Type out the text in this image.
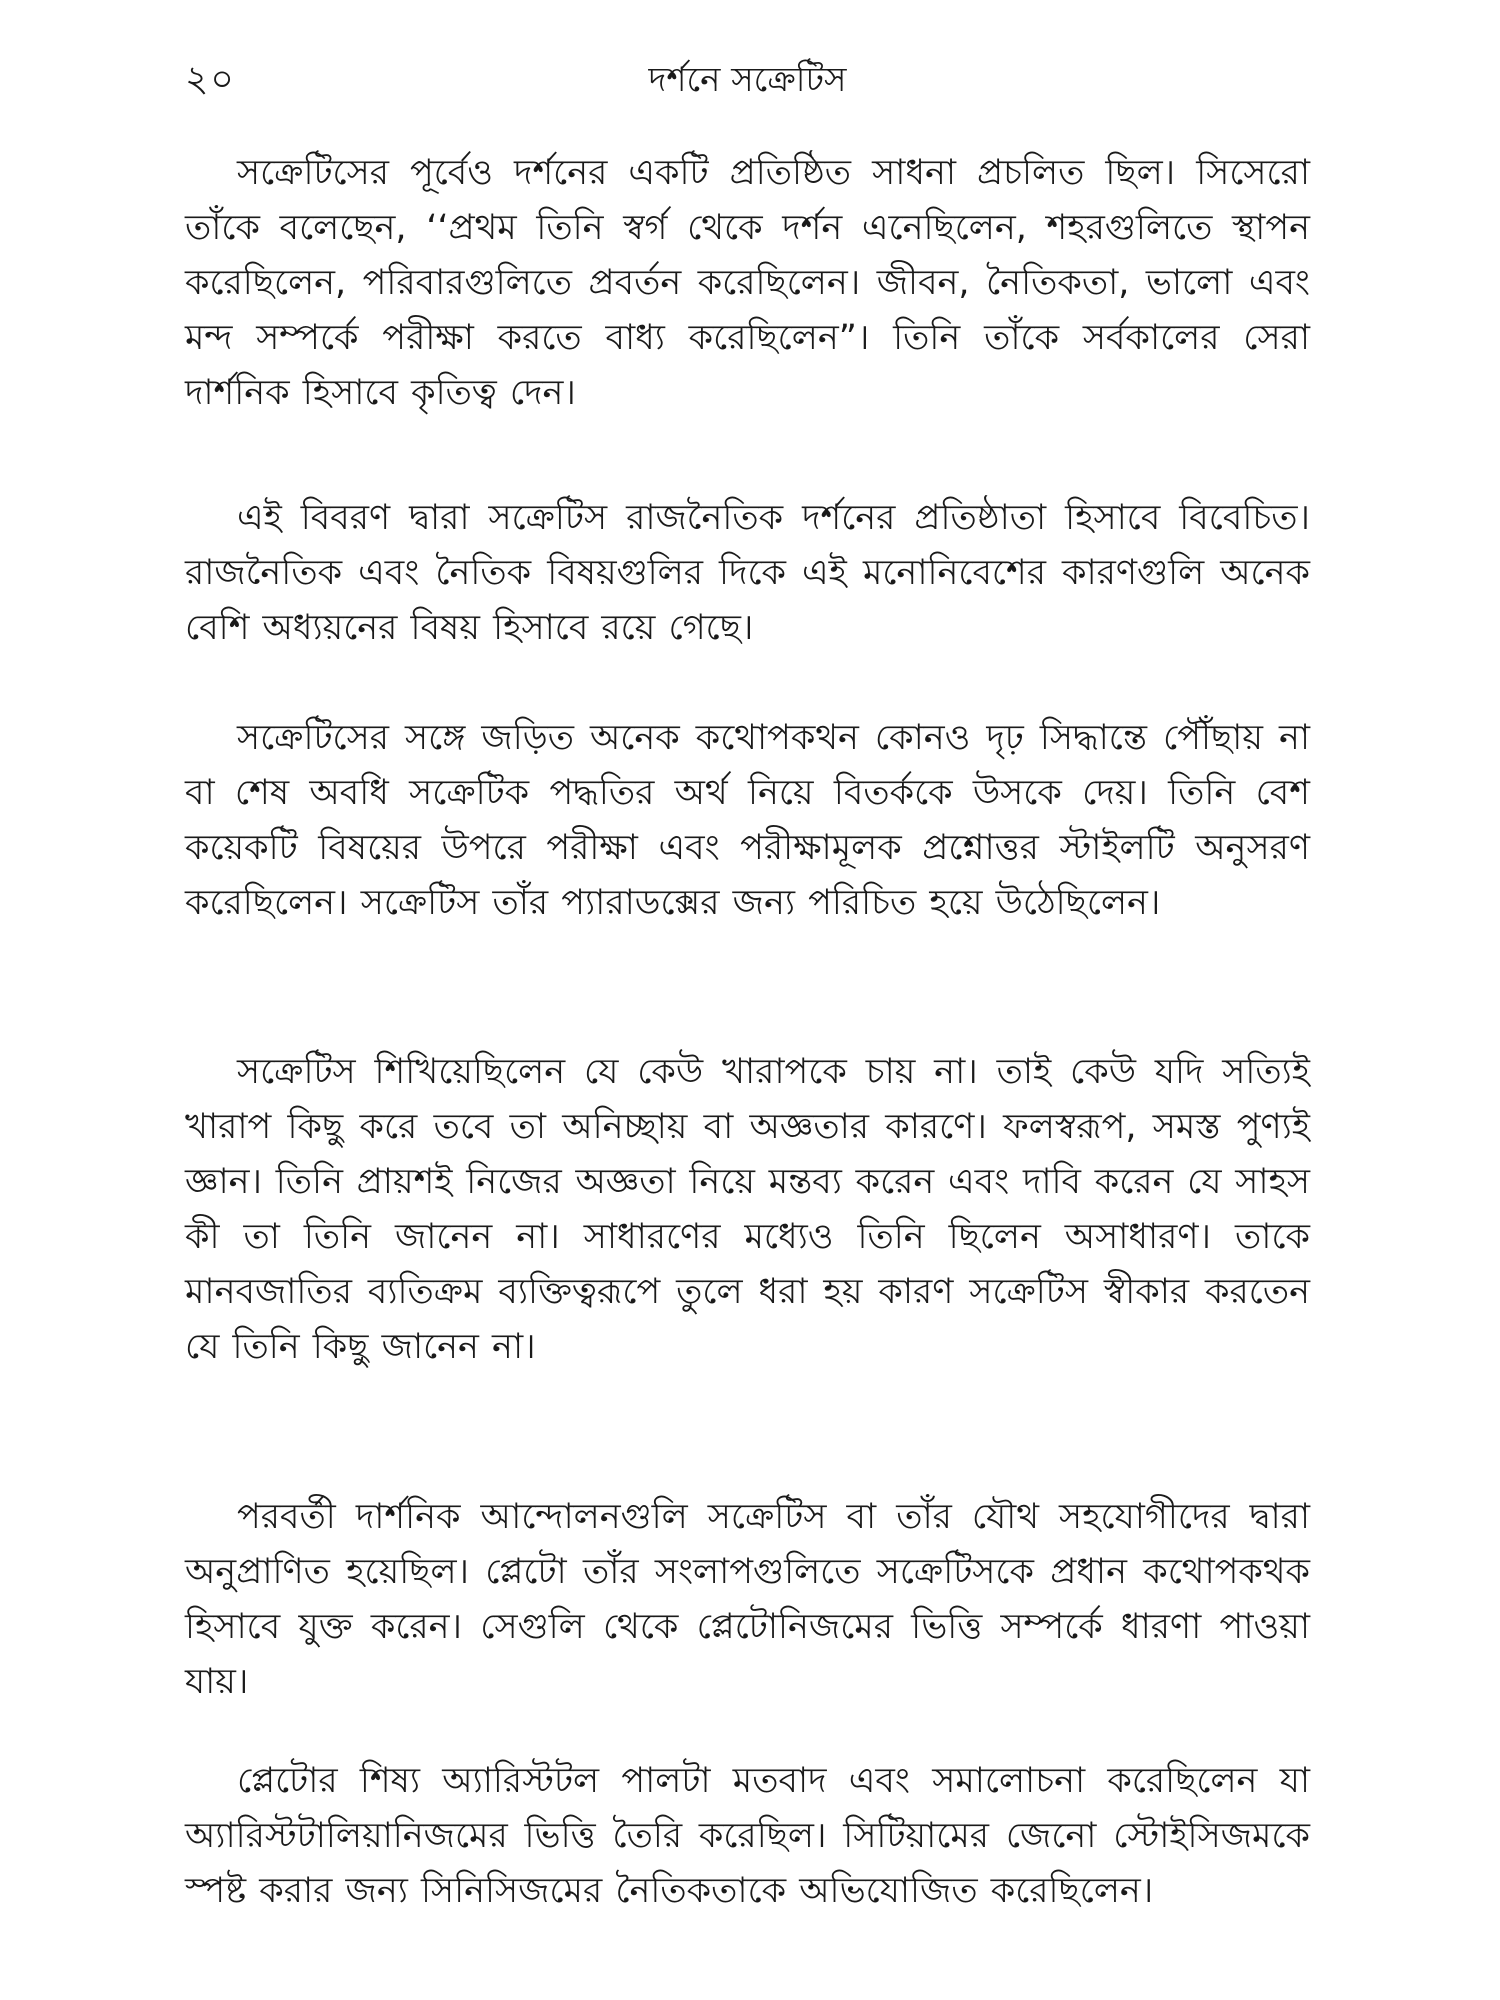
২০	দর্শনে সক্রেটিস

সক্রেটিসের পূর্বেও দর্শনের একটি প্রতিষ্ঠিত সাধনা প্রচলিত ছিল। সিসেরো তাঁকে বলেছেন, ‘‘প্রথম তিনি স্বর্গ থেকে দর্শন এনেছিলেন, শহরগুলিতে স্থাপন করেছিলেন, পরিবারগুলিতে প্রবর্তন করেছিলেন। জীবন, নৈতিকতা, ভালো এবং মন্দ সম্পর্কে পরীক্ষা করতে বাধ্য করেছিলেন”। তিনি তাঁকে সর্বকালের সেরা দার্শনিক হিসাবে কৃতিত্ব দেন।

এই বিবরণ দ্বারা সক্রেটিস রাজনৈতিক দর্শনের প্রতিষ্ঠাতা হিসাবে বিবেচিত। রাজনৈতিক এবং নৈতিক বিষয়গুলির দিকে এই মনোনিবেশের কারণগুলি অনেক বেশি অধ্যয়নের বিষয় হিসাবে রয়ে গেছে।

সক্রেটিসের সঙ্গে জড়িত অনেক কথোপকথন কোনও দৃঢ় সিদ্ধান্তে পৌঁছায় না বা শেষ অবধি সক্রেটিক পদ্ধতির অর্থ নিয়ে বিতর্ককে উসকে দেয়। তিনি বেশ কয়েকটি বিষয়ের উপরে পরীক্ষা এবং পরীক্ষামূলক প্রশ্নোত্তর স্টাইলটি অনুসরণ করেছিলেন। সক্রেটিস তাঁর প্যারাডক্সের জন্য পরিচিত হয়ে উঠেছিলেন।

সক্রেটিস শিখিয়েছিলেন যে কেউ খারাপকে চায় না। তাই কেউ যদি সত্যিই খারাপ কিছু করে তবে তা অনিচ্ছায় বা অজ্ঞতার কারণে। ফলস্বরূপ, সমস্ত পুণ্যই জ্ঞান। তিনি প্রায়শই নিজের অজ্ঞতা নিয়ে মন্তব্য করেন এবং দাবি করেন যে সাহস কী তা তিনি জানেন না। সাধারণের মধ্যেও তিনি ছিলেন অসাধারণ। তাকে মানবজাতির ব্যতিক্রম ব্যক্তিত্বরূপে তুলে ধরা হয় কারণ সক্রেটিস স্বীকার করতেন যে তিনি কিছু জানেন না।

পরবর্তী দার্শনিক আন্দোলনগুলি সক্রেটিস বা তাঁর যৌথ সহযোগীদের দ্বারা অনুপ্রাণিত হয়েছিল। প্লেটো তাঁর সংলাপগুলিতে সক্রেটিসকে প্রধান কথোপকথক হিসাবে যুক্ত করেন। সেগুলি থেকে প্লেটোনিজমের ভিত্তি সম্পর্কে ধারণা পাওয়া যায়।

প্লেটোর শিষ্য অ্যারিস্টটল পালটা মতবাদ এবং সমালোচনা করেছিলেন যা অ্যারিস্টটালিয়ানিজমের ভিত্তি তৈরি করেছিল। সিটিয়ামের জেনো স্টোইসিজমকে স্পষ্ট করার জন্য সিনিসিজমের নৈতিকতাকে অভিযোজিত করেছিলেন।
